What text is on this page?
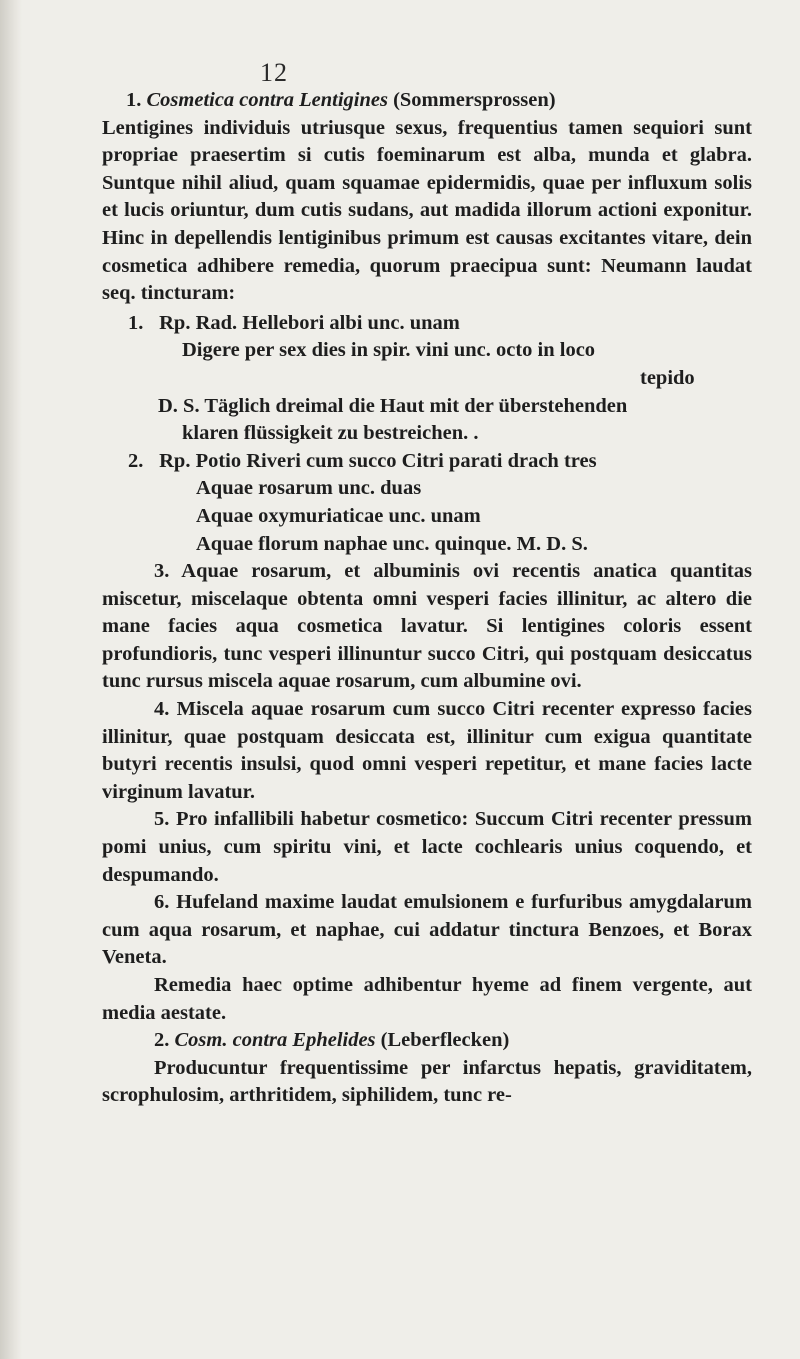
12

1. Cosmetica contra Lentigines (Sommersprossen)

Lentigines individuis utriusque sexus, frequentius tamen sequiori sunt propriae praesertim si cutis foeminarum est alba, munda et glabra. Suntque nihil aliud, quam squamae epidermidis, quae per influxum solis et lucis oriuntur, dum cutis sudans, aut madida illorum actioni exponitur. Hinc in depellendis lentiginibus primum est causas excitantes vitare, dein cosmetica adhibere remedia, quorum praecipua sunt: Neumann laudat seq. tincturam:

1. Rp. Rad. Hellebori albi unc. unam

Digere per sex dies in spir. vini unc. octo in loco

tepido

D. S. Täglich dreimal die Haut mit der überstehenden

klaren flüssigkeit zu bestreichen. .

2. Rp. Potio Riveri cum succo Citri parati drach tres

Aquae rosarum unc. duas

Aquae oxymuriaticae unc. unam

Aquae florum naphae unc. quinque. M. D. S.

3. Aquae rosarum, et albuminis ovi recentis anatica quantitas miscetur, miscelaque obtenta omni vesperi facies illinitur, ac altero die mane facies aqua cosmetica lavatur. Si lentigines coloris essent profundioris, tunc vesperi illinuntur succo Citri, qui postquam desiccatus tunc rursus miscela aquae rosarum, cum albumine ovi.

4. Miscela aquae rosarum cum succo Citri recenter expresso facies illinitur, quae postquam desiccata est, illinitur cum exigua quantitate butyri recentis insulsi, quod omni vesperi repetitur, et mane facies lacte virginum lavatur.

5. Pro infallibili habetur cosmetico: Succum Citri recenter pressum pomi unius, cum spiritu vini, et lacte cochlearis unius coquendo, et despumando.

6. Hufeland maxime laudat emulsionem e furfuribus amygdalarum cum aqua rosarum, et naphae, cui addatur tinctura Benzoes, et Borax Veneta.

Remedia haec optime adhibentur hyeme ad finem vergente, aut media aestate.

2. Cosm. contra Ephelides (Leberflecken)

Producuntur frequentissime per infarctus hepatis, graviditatem, scrophulosim, arthritidem, siphilidem, tunc re-
